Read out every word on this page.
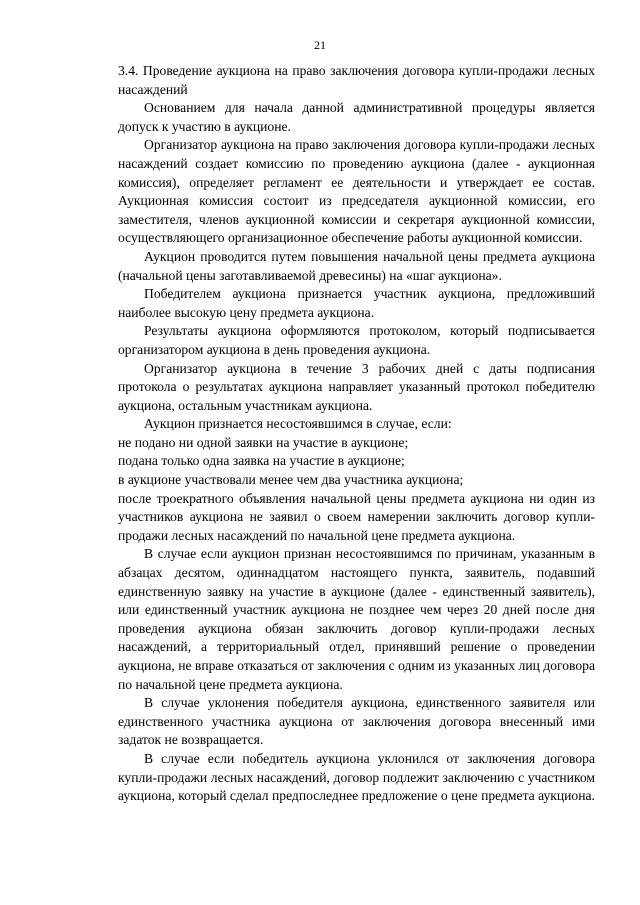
21

3.4. Проведение аукциона на право заключения договора купли-продажи лесных насаждений

Основанием для начала данной административной процедуры является допуск к участию в аукционе.

Организатор аукциона на право заключения договора купли-продажи лесных насаждений создает комиссию по проведению аукциона (далее - аукционная комиссия), определяет регламент ее деятельности и утверждает ее состав. Аукционная комиссия состоит из председателя аукционной комиссии, его заместителя, членов аукционной комиссии и секретаря аукционной комиссии, осуществляющего организационное обеспечение работы аукционной комиссии.

Аукцион проводится путем повышения начальной цены предмета аукциона (начальной цены заготавливаемой древесины) на «шаг аукциона».

Победителем аукциона признается участник аукциона, предложивший наиболее высокую цену предмета аукциона.

Результаты аукциона оформляются протоколом, который подписывается организатором аукциона в день проведения аукциона.

Организатор аукциона в течение 3 рабочих дней с даты подписания протокола о результатах аукциона направляет указанный протокол победителю аукциона, остальным участникам аукциона.

Аукцион признается несостоявшимся в случае, если:

не подано ни одной заявки на участие в аукционе;

подана только одна заявка на участие в аукционе;

в аукционе участвовали менее чем два участника аукциона;

после троекратного объявления начальной цены предмета аукциона ни один из участников аукциона не заявил о своем намерении заключить договор купли-продажи лесных насаждений по начальной цене предмета аукциона.

В случае если аукцион признан несостоявшимся по причинам, указанным в абзацах десятом, одиннадцатом настоящего пункта, заявитель, подавший единственную заявку на участие в аукционе (далее - единственный заявитель), или единственный участник аукциона не позднее чем через 20 дней после дня проведения аукциона обязан заключить договор купли-продажи лесных насаждений, а территориальный отдел, принявший решение о проведении аукциона, не вправе отказаться от заключения с одним из указанных лиц договора по начальной цене предмета аукциона.

В случае уклонения победителя аукциона, единственного заявителя или единственного участника аукциона от заключения договора внесенный ими задаток не возвращается.

В случае если победитель аукциона уклонился от заключения договора купли-продажи лесных насаждений, договор подлежит заключению с участником аукциона, который сделал предпоследнее предложение о цене предмета аукциона.
